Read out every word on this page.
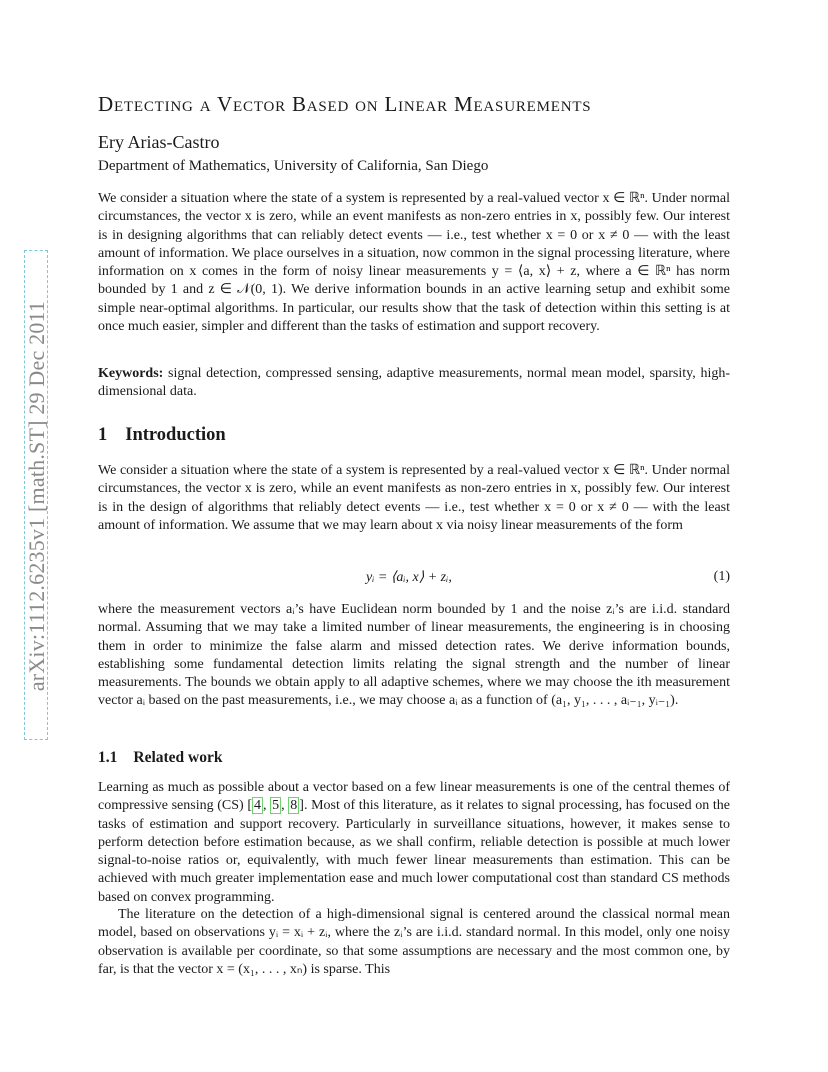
arXiv:1112.6235v1 [math.ST] 29 Dec 2011
Detecting a Vector Based on Linear Measurements
Ery Arias-Castro
Department of Mathematics, University of California, San Diego
We consider a situation where the state of a system is represented by a real-valued vector x ∈ ℝⁿ. Under normal circumstances, the vector x is zero, while an event manifests as non-zero entries in x, possibly few. Our interest is in designing algorithms that can reliably detect events — i.e., test whether x = 0 or x ≠ 0 — with the least amount of information. We place ourselves in a situation, now common in the signal processing literature, where information on x comes in the form of noisy linear measurements y = ⟨a, x⟩ + z, where a ∈ ℝⁿ has norm bounded by 1 and z ∈ 𝒩(0, 1). We derive information bounds in an active learning setup and exhibit some simple near-optimal algorithms. In particular, our results show that the task of detection within this setting is at once much easier, simpler and different than the tasks of estimation and support recovery.
Keywords: signal detection, compressed sensing, adaptive measurements, normal mean model, sparsity, high-dimensional data.
1 Introduction
We consider a situation where the state of a system is represented by a real-valued vector x ∈ ℝⁿ. Under normal circumstances, the vector x is zero, while an event manifests as non-zero entries in x, possibly few. Our interest is in the design of algorithms that reliably detect events — i.e., test whether x = 0 or x ≠ 0 — with the least amount of information. We assume that we may learn about x via noisy linear measurements of the form
yᵢ = ⟨aᵢ, x⟩ + zᵢ,	(1)
where the measurement vectors aᵢ’s have Euclidean norm bounded by 1 and the noise zᵢ’s are i.i.d. standard normal. Assuming that we may take a limited number of linear measurements, the engineering is in choosing them in order to minimize the false alarm and missed detection rates. We derive information bounds, establishing some fundamental detection limits relating the signal strength and the number of linear measurements. The bounds we obtain apply to all adaptive schemes, where we may choose the ith measurement vector aᵢ based on the past measurements, i.e., we may choose aᵢ as a function of (a₁, y₁, . . . , aᵢ₋₁, yᵢ₋₁).
1.1 Related work
Learning as much as possible about a vector based on a few linear measurements is one of the central themes of compressive sensing (CS) [ 4 , 5 , 8 ]. Most of this literature, as it relates to signal processing, has focused on the tasks of estimation and support recovery. Particularly in surveillance situations, however, it makes sense to perform detection before estimation because, as we shall confirm, reliable detection is possible at much lower signal-to-noise ratios or, equivalently, with much fewer linear measurements than estimation. This can be achieved with much greater implementation ease and much lower computational cost than standard CS methods based on convex programming.
The literature on the detection of a high-dimensional signal is centered around the classical normal mean model, based on observations yᵢ = xᵢ + zᵢ, where the zᵢ’s are i.i.d. standard normal. In this model, only one noisy observation is available per coordinate, so that some assumptions are necessary and the most common one, by far, is that the vector x = (x₁, . . . , xₙ) is sparse. This
